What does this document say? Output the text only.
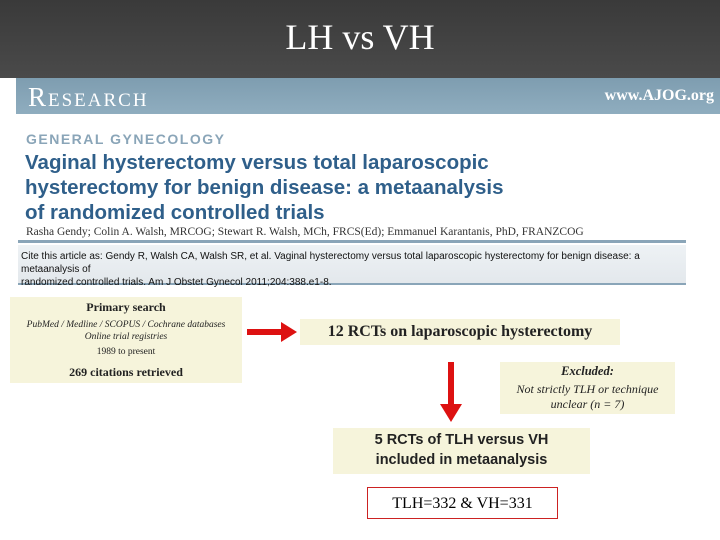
LH vs VH
Research	www.AJOG.org
GENERAL GYNECOLOGY
Vaginal hysterectomy versus total laparoscopic
hysterectomy for benign disease: a metaanalysis
of randomized controlled trials
Rasha Gendy; Colin A. Walsh, MRCOG; Stewart R. Walsh, MCh, FRCS(Ed); Emmanuel Karantanis, PhD, FRANZCOG
Cite this article as: Gendy R, Walsh CA, Walsh SR, et al. Vaginal hysterectomy versus total laparoscopic hysterectomy for benign disease: a metaanalysis of
randomized controlled trials. Am J Obstet Gynecol 2011;204:388.e1-8.
Primary search
PubMed / Medline / SCOPUS / Cochrane databases
Online trial registries
1989 to present
269 citations retrieved
12 RCTs on laparoscopic hysterectomy
Excluded:
Not strictly TLH or technique
unclear (n = 7)
5 RCTs of TLH versus VH
included in metaanalysis
TLH=332 & VH=331
